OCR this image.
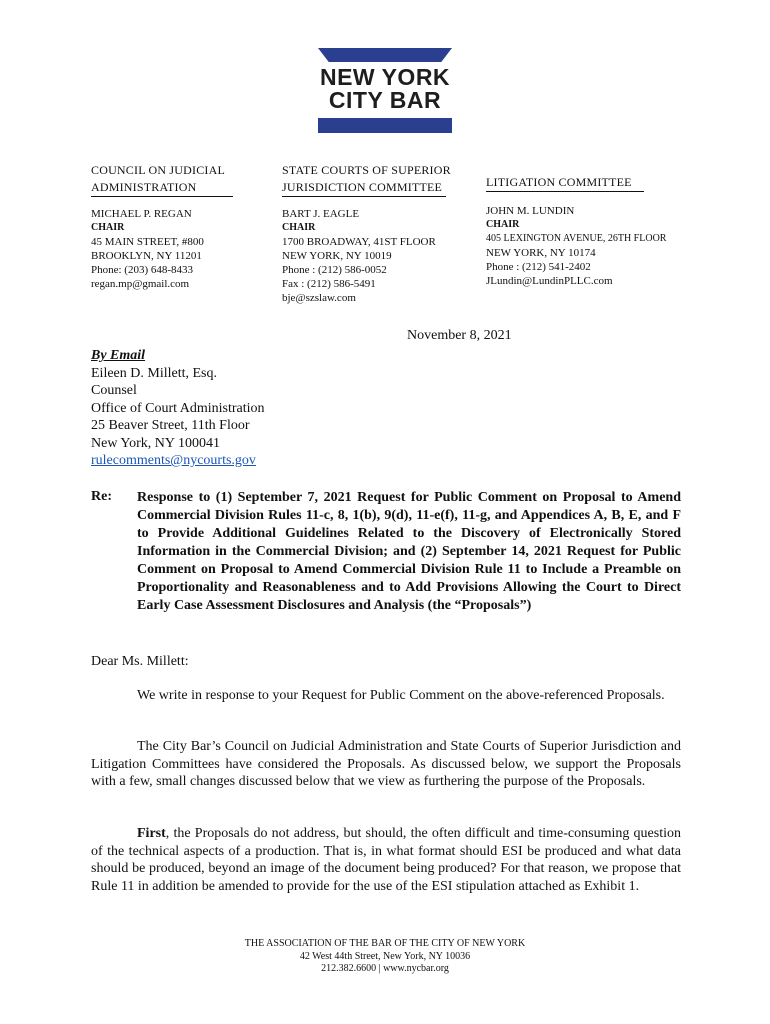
NEW YORK
CITY BAR
COUNCIL ON JUDICIAL
ADMINISTRATION
MICHAEL P. REGAN
CHAIR
45 MAIN STREET, #800
BROOKLYN, NY 11201
Phone: (203) 648-8433
regan.mp@gmail.com
STATE COURTS OF SUPERIOR
JURISDICTION COMMITTEE
BART J. EAGLE
CHAIR
1700 BROADWAY, 41ST FLOOR
NEW YORK, NY 10019
Phone : (212) 586-0052
Fax : (212) 586-5491
bje@szslaw.com
LITIGATION COMMITTEE
JOHN M. LUNDIN
CHAIR
405 LEXINGTON AVENUE, 26TH FLOOR
NEW YORK, NY 10174
Phone : (212) 541-2402
JLundin@LundinPLLC.com
November 8, 2021
By Email
Eileen D. Millett, Esq.
Counsel
Office of Court Administration
25 Beaver Street, 11th Floor
New York, NY 100041
rulecomments@nycourts.gov
Re: Response to (1) September 7, 2021 Request for Public Comment on Proposal to Amend Commercial Division Rules 11-c, 8, 1(b), 9(d), 11-e(f), 11-g, and Appendices A, B, E, and F to Provide Additional Guidelines Related to the Discovery of Electronically Stored Information in the Commercial Division; and (2) September 14, 2021 Request for Public Comment on Proposal to Amend Commercial Division Rule 11 to Include a Preamble on Proportionality and Reasonableness and to Add Provisions Allowing the Court to Direct Early Case Assessment Disclosures and Analysis (the “Proposals”)
Dear Ms. Millett:
We write in response to your Request for Public Comment on the above-referenced Proposals.
The City Bar’s Council on Judicial Administration and State Courts of Superior Jurisdiction and Litigation Committees have considered the Proposals. As discussed below, we support the Proposals with a few, small changes discussed below that we view as furthering the purpose of the Proposals.
First, the Proposals do not address, but should, the often difficult and time-consuming question of the technical aspects of a production. That is, in what format should ESI be produced and what data should be produced, beyond an image of the document being produced? For that reason, we propose that Rule 11 in addition be amended to provide for the use of the ESI stipulation attached as Exhibit 1.
THE ASSOCIATION OF THE BAR OF THE CITY OF NEW YORK
42 West 44th Street, New York, NY 10036
212.382.6600 | www.nycbar.org
